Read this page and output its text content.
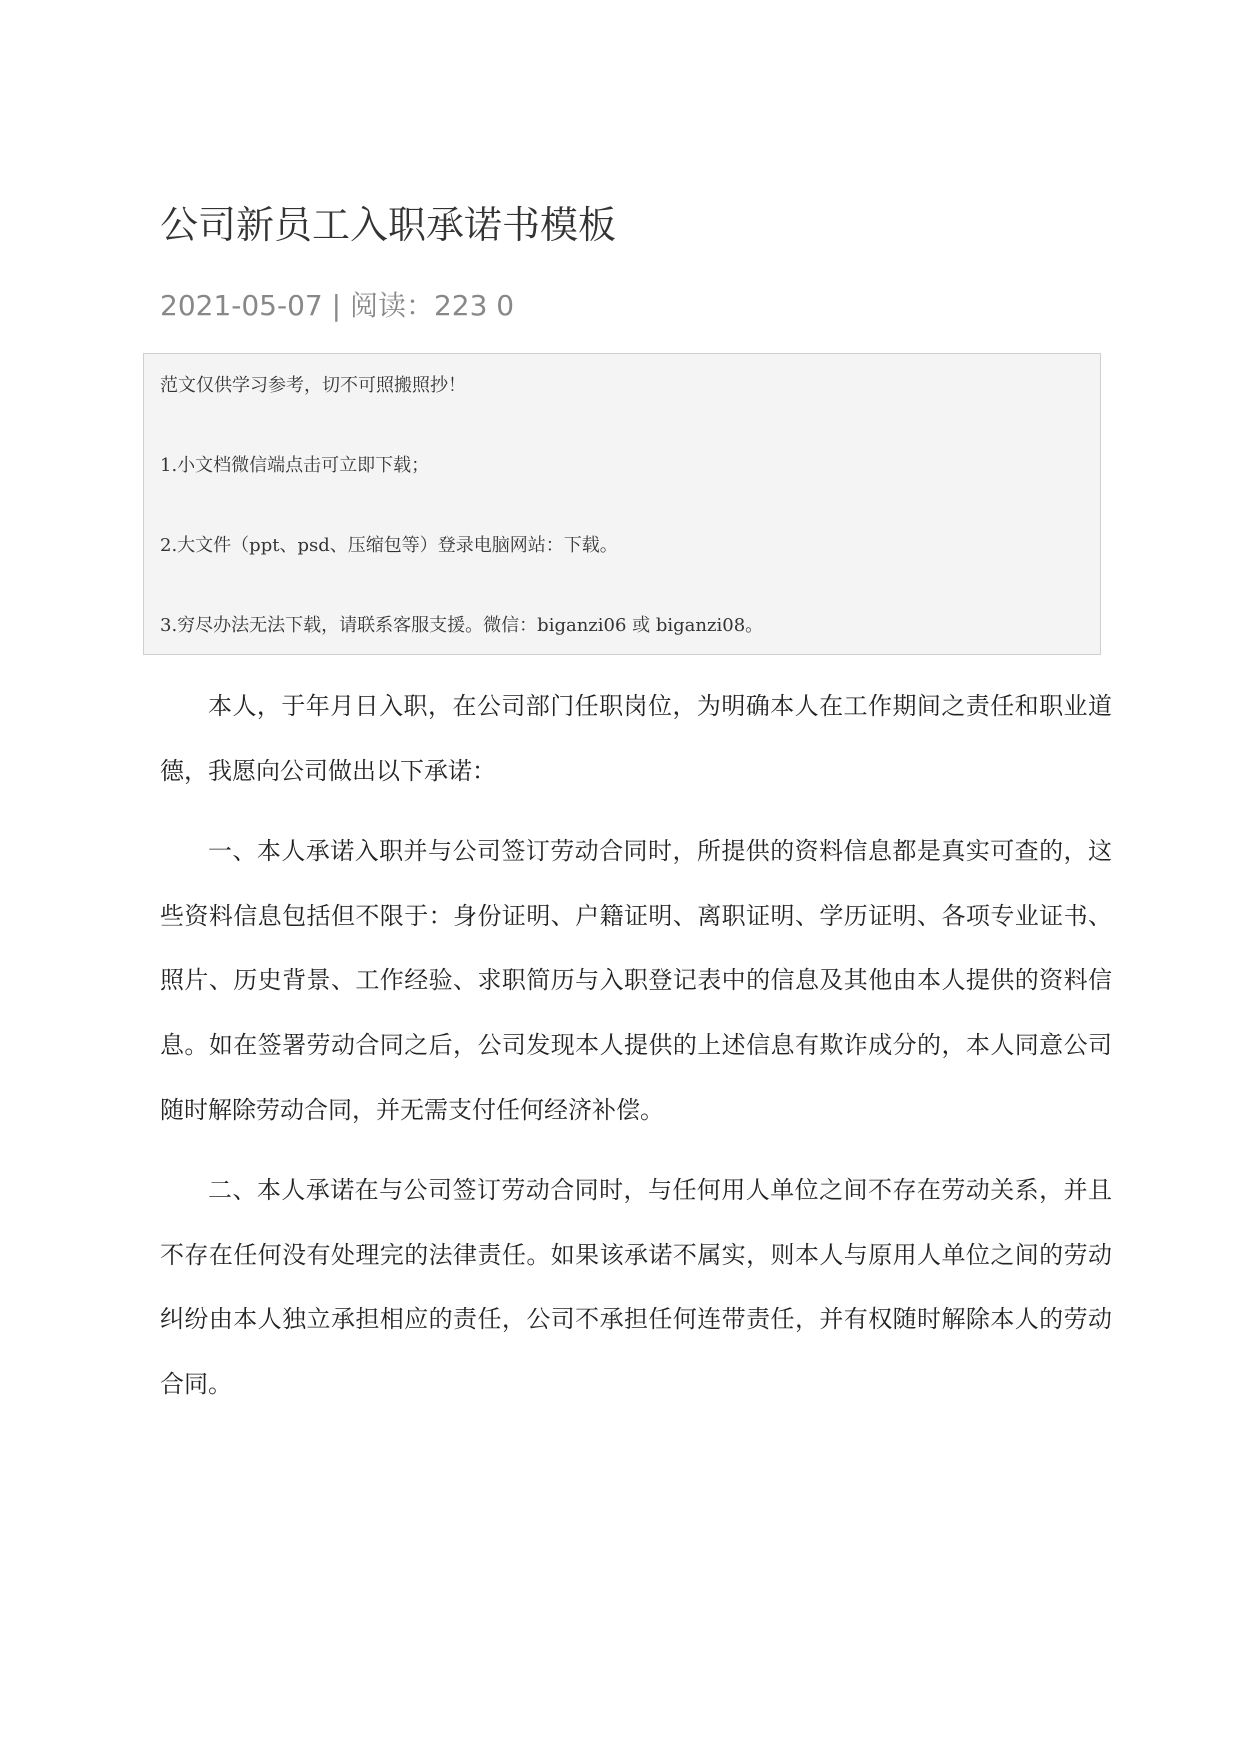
公司新员工入职承诺书模板
2021-05-07 | 阅读：223 0
范文仅供学习参考，切不可照搬照抄！
1.小文档微信端点击可立即下载；
2.大文件（ppt、psd、压缩包等）登录电脑网站：下载。
3.穷尽办法无法下载，请联系客服支援。微信：biganzi06 或 biganzi08。

本人，于年月日入职，在公司部门任职岗位，为明确本人在工作期间之责任和职业道德，我愿向公司做出以下承诺：

一、本人承诺入职并与公司签订劳动合同时，所提供的资料信息都是真实可查的，这些资料信息包括但不限于：身份证明、户籍证明、离职证明、学历证明、各项专业证书、照片、历史背景、工作经验、求职简历与入职登记表中的信息及其他由本人提供的资料信息。如在签署劳动合同之后，公司发现本人提供的上述信息有欺诈成分的，本人同意公司随时解除劳动合同，并无需支付任何经济补偿。

二、本人承诺在与公司签订劳动合同时，与任何用人单位之间不存在劳动关系，并且不存在任何没有处理完的法律责任。如果该承诺不属实，则本人与原用人单位之间的劳动纠纷由本人独立承担相应的责任，公司不承担任何连带责任，并有权随时解除本人的劳动合同。
